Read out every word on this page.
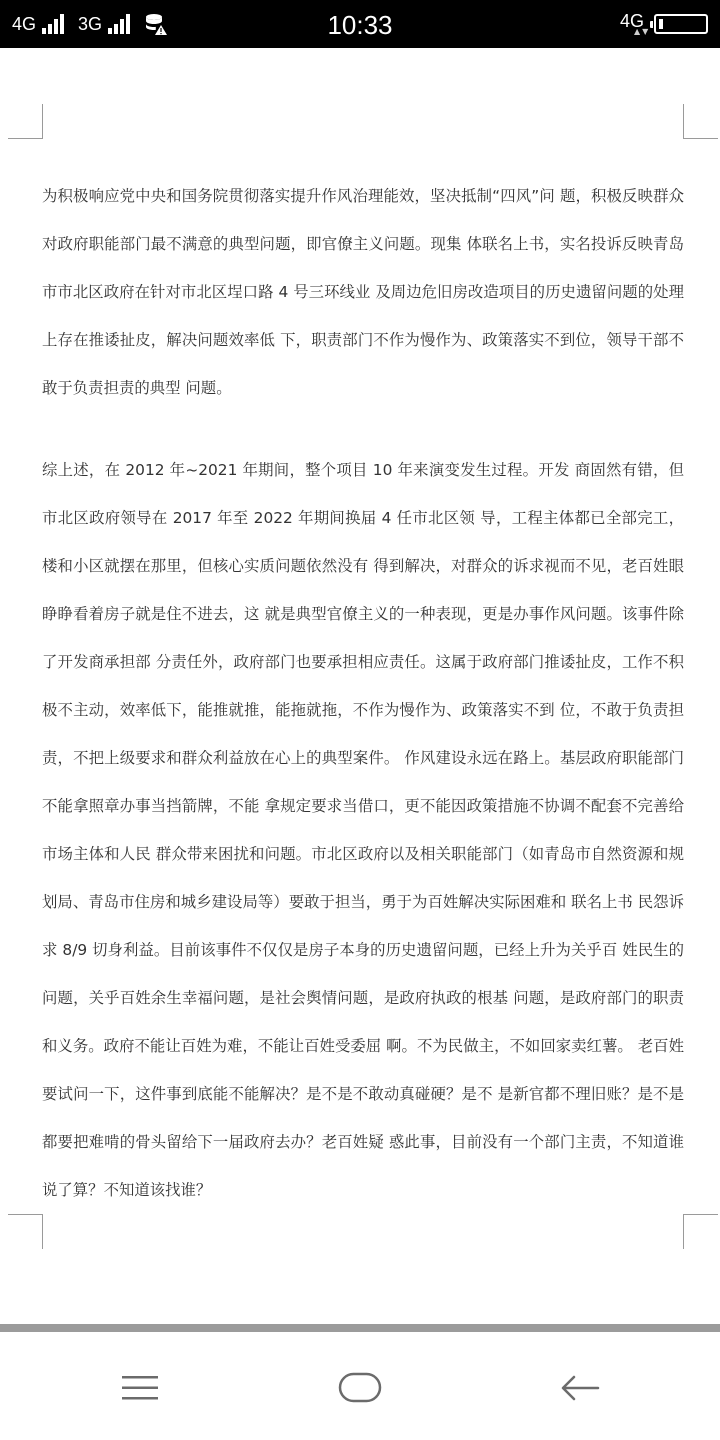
4G 3G	10:33	4G
▲▼

为积极响应党中央和国务院贯彻落实提升作风治理能效，坚决抵制“四风”问 题，积极反映群众对政府职能部门最不满意的典型问题，即官僚主义问题。现集 体联名上书，实名投诉反映青岛市市北区政府在针对市北区埕口路 4 号三环线业 及周边危旧房改造项目的历史遗留问题的处理上存在推诿扯皮，解决问题效率低 下，职责部门不作为慢作为、政策落实不到位，领导干部不敢于负责担责的典型 问题。

综上述，在 2012 年~2021 年期间，整个项目 10 年来演变发生过程。开发 商固然有错，但市北区政府领导在 2017 年至 2022 年期间换届 4 任市北区领 导，工程主体都已全部完工，楼和小区就摆在那里，但核心实质问题依然没有 得到解决，对群众的诉求视而不见，老百姓眼睁睁看着房子就是住不进去，这 就是典型官僚主义的一种表现，更是办事作风问题。该事件除了开发商承担部 分责任外，政府部门也要承担相应责任。这属于政府部门推诿扯皮，工作不积 极不主动，效率低下，能推就推，能拖就拖，不作为慢作为、政策落实不到 位，不敢于负责担责，不把上级要求和群众利益放在心上的典型案件。 作风建设永远在路上。基层政府职能部门不能拿照章办事当挡箭牌，不能 拿规定要求当借口，更不能因政策措施不协调不配套不完善给市场主体和人民 群众带来困扰和问题。市北区政府以及相关职能部门（如青岛市自然资源和规 划局、青岛市住房和城乡建设局等）要敢于担当，勇于为百姓解决实际困难和 联名上书 民怨诉求 8/9 切身利益。目前该事件不仅仅是房子本身的历史遗留问题，已经上升为关乎百 姓民生的问题，关乎百姓余生幸福问题，是社会舆情问题，是政府执政的根基 问题，是政府部门的职责和义务。政府不能让百姓为难，不能让百姓受委屈 啊。不为民做主，不如回家卖红薯。 老百姓要试问一下，这件事到底能不能解决？是不是不敢动真碰硬？是不 是新官都不理旧账？是不是都要把难啃的骨头留给下一届政府去办？老百姓疑 惑此事，目前没有一个部门主责，不知道谁说了算？不知道该找谁？
